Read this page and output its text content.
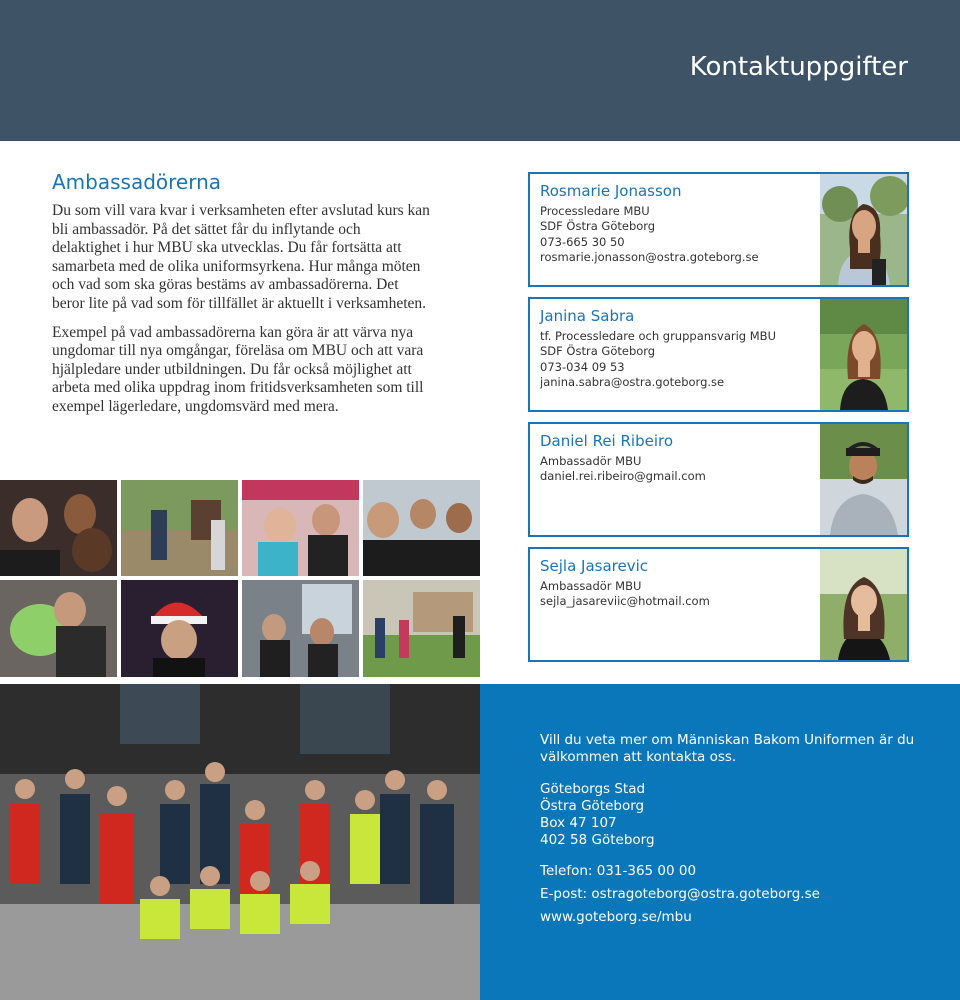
Kontaktuppgifter
Ambassadörerna

Du som vill vara kvar i verksamheten efter avslutad kurs kan bli ambassadör. På det sättet får du inflytande och delaktighet i hur MBU ska utvecklas. Du får fortsätta att samarbeta med de olika uniformsyrkena. Hur många möten och vad som ska göras bestäms av ambassadörerna. Det beror lite på vad som för tillfället är aktuellt i verksamheten.

Exempel på vad ambassadörerna kan göra är att värva nya ungdomar till nya omgångar, föreläsa om MBU och att vara hjälpledare under utbildningen. Du får också möjlighet att arbeta med olika uppdrag inom fritidsverksamheten som till exempel lägerledare, ungdomsvärd med mera.

Rosmarie Jonasson
Processledare MBU
SDF Östra Göteborg
073-665 30 50
rosmarie.jonasson@ostra.goteborg.se
Janina Sabra
tf. Processledare och gruppansvarig MBU
SDF Östra Göteborg
073-034 09 53
janina.sabra@ostra.goteborg.se
Daniel Rei Ribeiro
Ambassadör MBU
daniel.rei.ribeiro@gmail.com
Sejla Jasarevic
Ambassadör MBU
sejla_jasareviic@hotmail.com
Vill du veta mer om Människan Bakom Uniformen är du välkommen att kontakta oss.
Göteborgs Stad
Östra Göteborg
Box 47 107
402 58 Göteborg
Telefon: 031-365 00 00
E-post: ostragoteborg@ostra.goteborg.se
www.goteborg.se/mbu
